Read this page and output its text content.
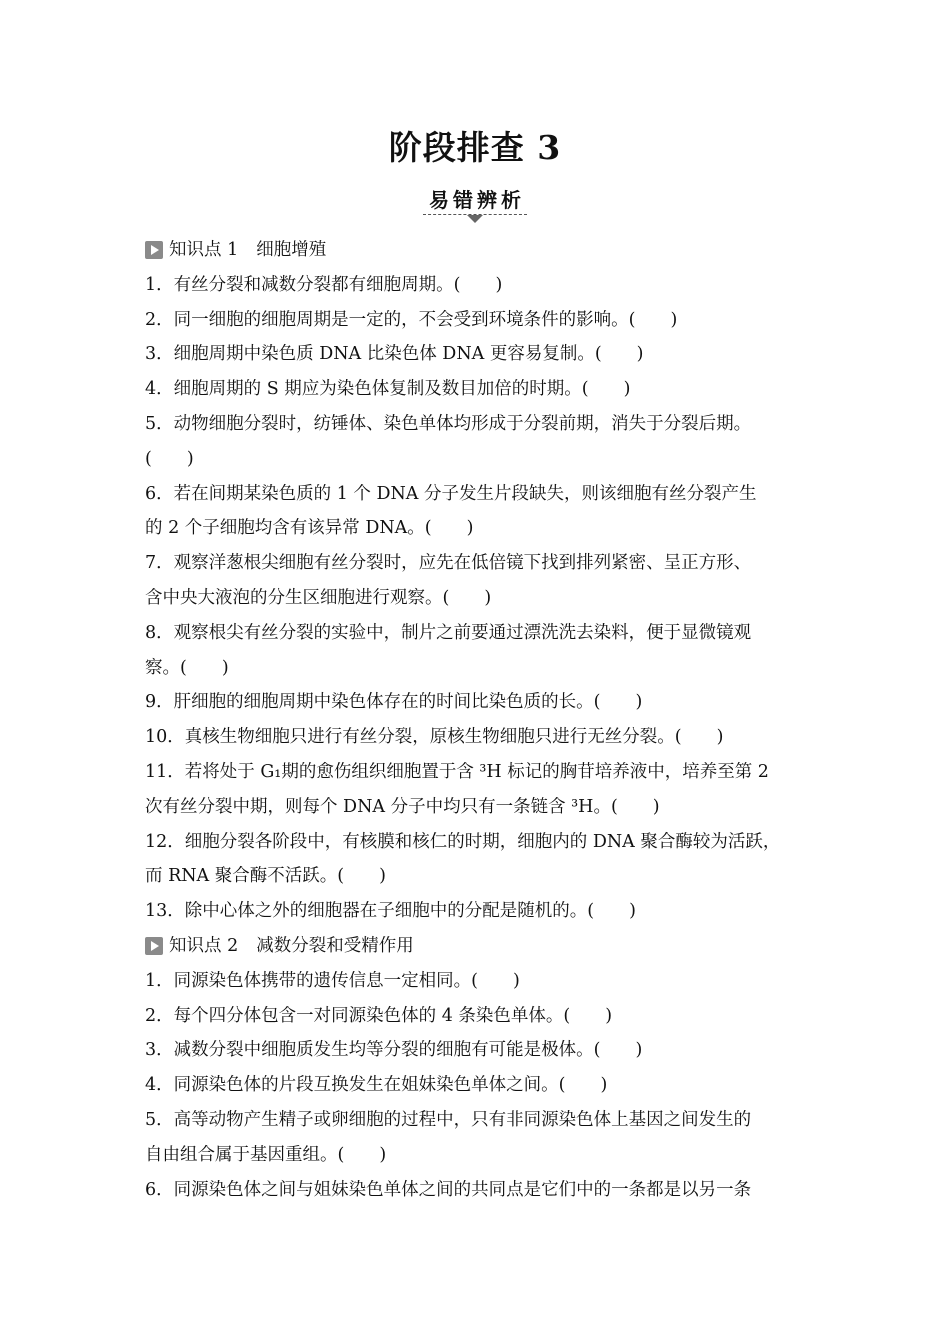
阶段排查 3
易错辨析
知识点 1 细胞增殖
1．有丝分裂和减数分裂都有细胞周期。(　　)
2．同一细胞的细胞周期是一定的，不会受到环境条件的影响。(　　)
3．细胞周期中染色质 DNA 比染色体 DNA 更容易复制。(　　)
4．细胞周期的 S 期应为染色体复制及数目加倍的时期。(　　)
5．动物细胞分裂时，纺锤体、染色单体均形成于分裂前期，消失于分裂后期。
(　　)
6．若在间期某染色质的 1 个 DNA 分子发生片段缺失，则该细胞有丝分裂产生
的 2 个子细胞均含有该异常 DNA。(　　)
7．观察洋葱根尖细胞有丝分裂时，应先在低倍镜下找到排列紧密、呈正方形、
含中央大液泡的分生区细胞进行观察。(　　)
8．观察根尖有丝分裂的实验中，制片之前要通过漂洗洗去染料，便于显微镜观
察。(　　)
9．肝细胞的细胞周期中染色体存在的时间比染色质的长。(　　)
10．真核生物细胞只进行有丝分裂，原核生物细胞只进行无丝分裂。(　　)
11．若将处于 G₁期的愈伤组织细胞置于含 ³H 标记的胸苷培养液中，培养至第 2
次有丝分裂中期，则每个 DNA 分子中均只有一条链含 ³H。(　　)
12．细胞分裂各阶段中，有核膜和核仁的时期，细胞内的 DNA 聚合酶较为活跃，
而 RNA 聚合酶不活跃。(　　)
13．除中心体之外的细胞器在子细胞中的分配是随机的。(　　)
知识点 2 减数分裂和受精作用
1．同源染色体携带的遗传信息一定相同。(　　)
2．每个四分体包含一对同源染色体的 4 条染色单体。(　　)
3．减数分裂中细胞质发生均等分裂的细胞有可能是极体。(　　)
4．同源染色体的片段互换发生在姐妹染色单体之间。(　　)
5．高等动物产生精子或卵细胞的过程中，只有非同源染色体上基因之间发生的
自由组合属于基因重组。(　　)
6．同源染色体之间与姐妹染色单体之间的共同点是它们中的一条都是以另一条
